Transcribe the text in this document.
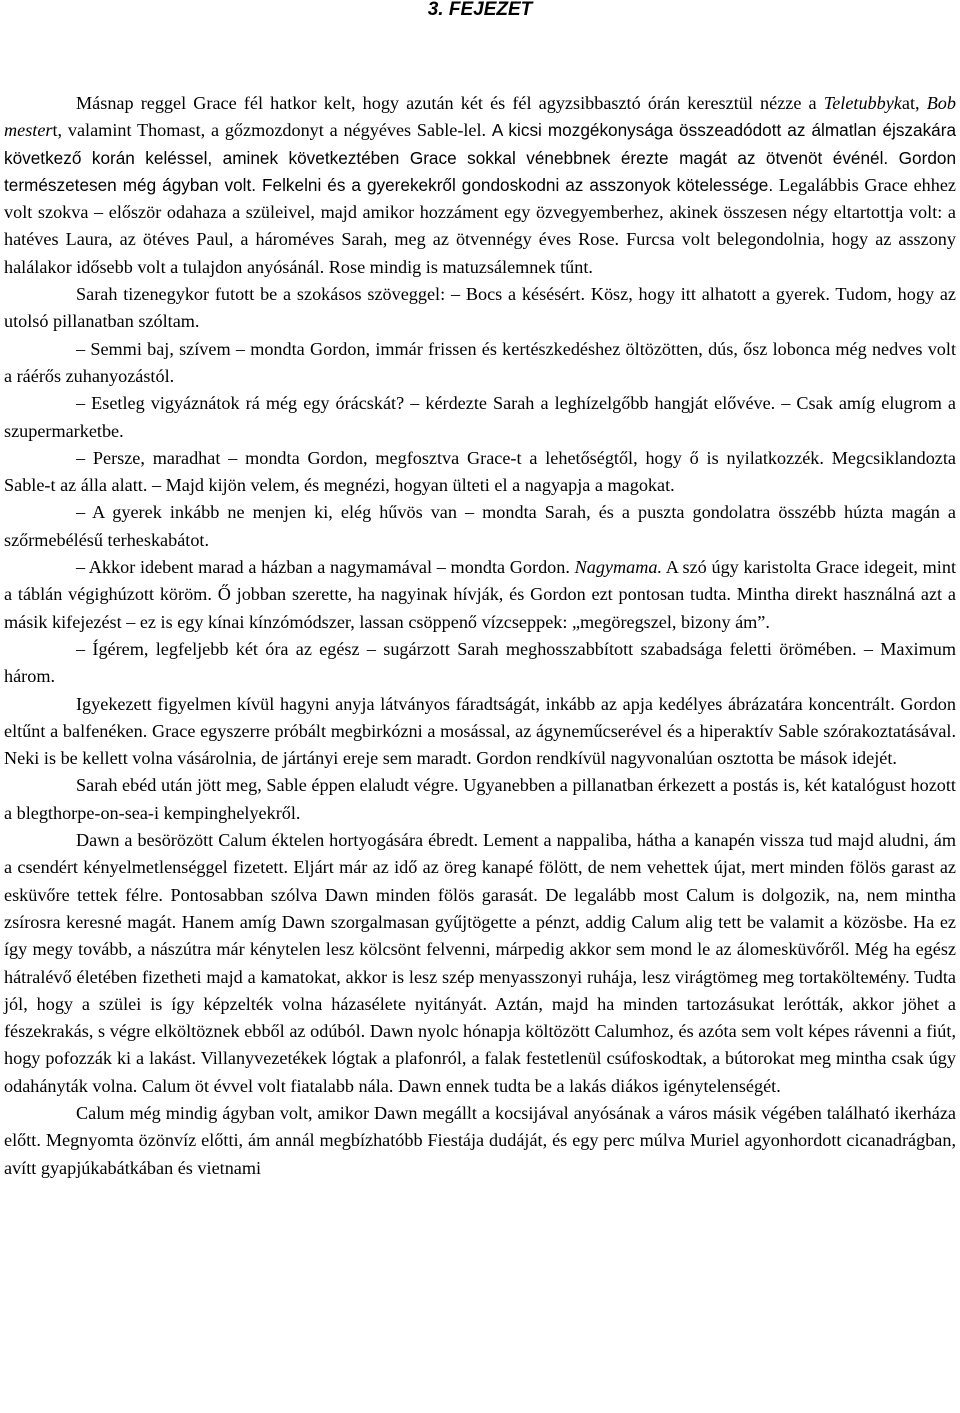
3. FEJEZET

Másnap reggel Grace fél hatkor kelt, hogy azután két és fél agyzsibbasztó órán keresztül nézze a Teletubbykat, Bob mestert, valamint Thomast, a gőzmozdonyt a négyéves Sable-lel. A kicsi mozgékonysága összeadódott az álmatlan éjszakára következő korán keléssel, aminek következtében Grace sokkal vénebbnek érezte magát az ötvenöt événél. Gordon természetesen még ágyban volt. Felkelni és a gyerekekről gondoskodni az asszonyok kötelessége. Legalábbis Grace ehhez volt szokva – először odahaza a szüleivel, majd amikor hozzáment egy özvegyemberhez, akinek összesen négy eltartottja volt: a hatéves Laura, az ötéves Paul, a hároméves Sarah, meg az ötvennégy éves Rose. Furcsa volt belegondolnia, hogy az asszony halálakor idősebb volt a tulajdon anyósánál. Rose mindig is matuzsálemnek tűnt.

Sarah tizenegykor futott be a szokásos szöveggel: – Bocs a késésért. Kösz, hogy itt alhatott a gyerek. Tudom, hogy az utolsó pillanatban szóltam.

– Semmi baj, szívem – mondta Gordon, immár frissen és kertészkedéshez öltözötten, dús, ősz lobonca még nedves volt a ráérős zuhanyozástól.

– Esetleg vigyáznátok rá még egy órácskát? – kérdezte Sarah a leghízelgőbb hangját elővéve. – Csak amíg elugrom a szupermarketbe.

– Persze, maradhat – mondta Gordon, megfosztva Grace-t a lehetőségtől, hogy ő is nyilatkozzék. Megcsiklandozta Sable-t az álla alatt. – Majd kijön velem, és megnézi, hogyan ülteti el a nagyapja a magokat.

– A gyerek inkább ne menjen ki, elég hűvös van – mondta Sarah, és a puszta gondolatra összébb húzta magán a szőrmebélésű terheskabátot.

– Akkor idebent marad a házban a nagymamával – mondta Gordon. Nagymama. A szó úgy karistolta Grace idegeit, mint a táblán végighúzott köröm. Ő jobban szerette, ha nagyinak hívják, és Gordon ezt pontosan tudta. Mintha direkt használná azt a másik kifejezést – ez is egy kínai kínzómódszer, lassan csöppenő vízcseppek: „megöregszel, bizony ám”.

– Ígérem, legfeljebb két óra az egész – sugárzott Sarah meghosszabbított szabadsága feletti örömében. – Maximum három.

Igyekezett figyelmen kívül hagyni anyja látványos fáradtságát, inkább az apja kedélyes ábrázatára koncentrált. Gordon eltűnt a balfenéken. Grace egyszerre próbált megbirkózni a mosással, az ágyneműcserével és a hiperaktív Sable szórakoztatásával. Neki is be kellett volna vásárolnia, de jártányi ereje sem maradt. Gordon rendkívül nagyvonalúan osztotta be mások idejét.

Sarah ebéd után jött meg, Sable éppen elaludt végre. Ugyanebben a pillanatban érkezett a postás is, két katalógust hozott a blegthorpe-on-sea-i kempinghelyekről.

Dawn a besörözött Calum éktelen hortyogására ébredt. Lement a nappaliba, hátha a kanapén vissza tud majd aludni, ám a csendért kényelmetlenséggel fizetett. Eljárt már az idő az öreg kanapé fölött, de nem vehettek újat, mert minden fölös garast az esküvőre tettek félre. Pontosabban szólva Dawn minden fölös garasát. De legalább most Calum is dolgozik, na, nem mintha zsírosra keresné magát. Hanem amíg Dawn szorgalmasan gyűjtögette a pénzt, addig Calum alig tett be valamit a közösbe. Ha ez így megy tovább, a nászútra már kénytelen lesz kölcsönt felvenni, márpedig akkor sem mond le az álomesküvőről. Még ha egész hátralévő életében fizetheti majd a kamatokat, akkor is lesz szép menyasszonyi ruhája, lesz virágtömeg meg tortakölteмény. Tudta jól, hogy a szülei is így képzelték volna házasélete nyitányát. Aztán, majd ha minden tartozásukat lerótták, akkor jöhet a fészekrakás, s végre elköltöznek ebből az odúból. Dawn nyolc hónapja költözött Calumhoz, és azóta sem volt képes rávenni a fiút, hogy pofozzák ki a lakást. Villanyvezetékek lógtak a plafonról, a falak festetlenül csúfoskodtak, a bútorokat meg mintha csak úgy odahányták volna. Calum öt évvel volt fiatalabb nála. Dawn ennek tudta be a lakás diákos igénytelenségét.

Calum még mindig ágyban volt, amikor Dawn megállt a kocsijával anyósának a város másik végében található ikerháza előtt. Megnyomta özönvíz előtti, ám annál megbízhatóbb Fiestája dudáját, és egy perc múlva Muriel agyonhordott cicanadrágban, avítt gyapjúkabátkában és vietnami
